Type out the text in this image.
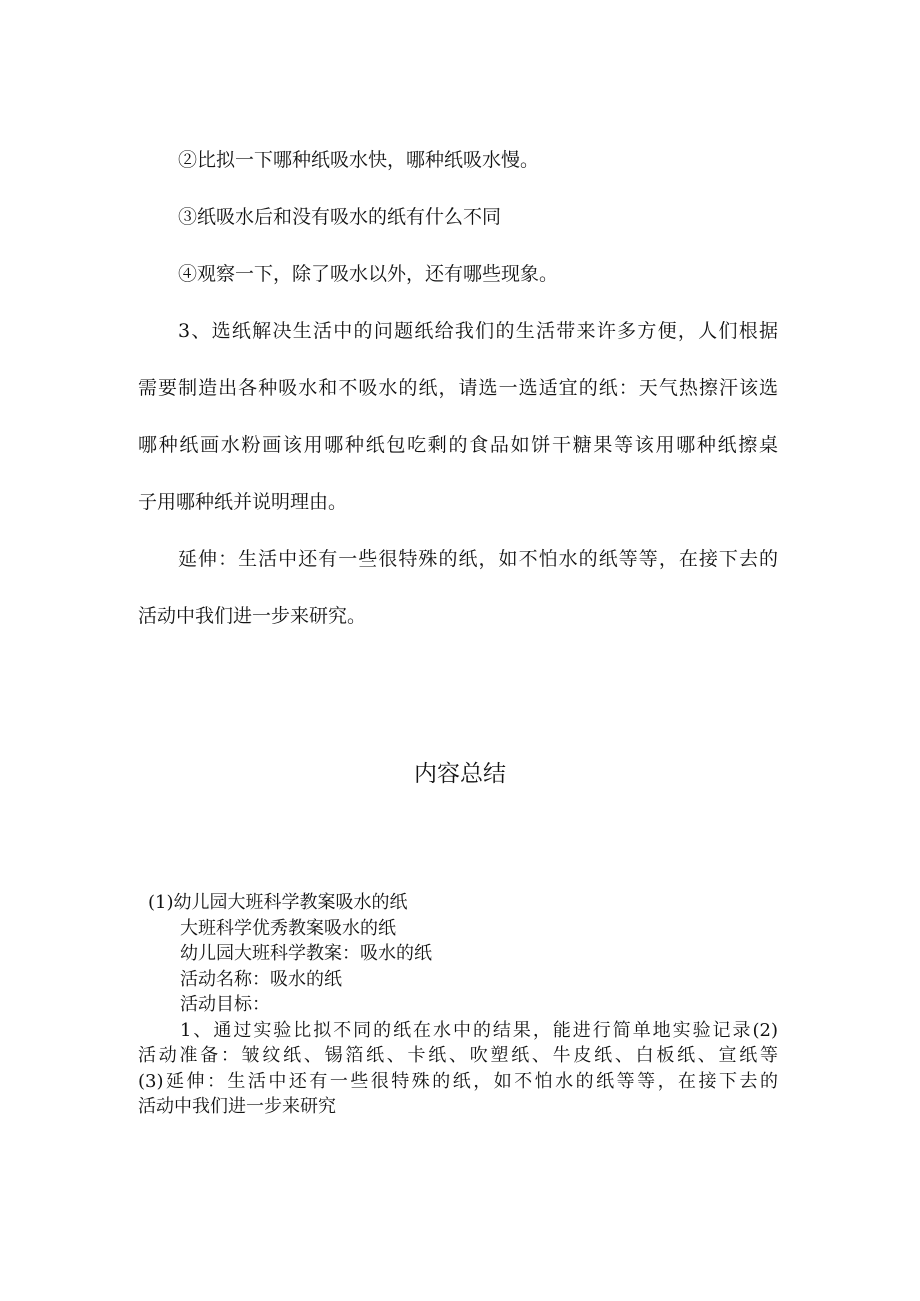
②比拟一下哪种纸吸水快，哪种纸吸水慢。

③纸吸水后和没有吸水的纸有什么不同

④观察一下，除了吸水以外，还有哪些现象。

3、选纸解决生活中的问题纸给我们的生活带来许多方便，人们根据

需要制造出各种吸水和不吸水的纸，请选一选适宜的纸：天气热擦汗该选

哪种纸画水粉画该用哪种纸包吃剩的食品如饼干糖果等该用哪种纸擦桌

子用哪种纸并说明理由。

延伸：生活中还有一些很特殊的纸，如不怕水的纸等等，在接下去的

活动中我们进一步来研究。

内容总结

(1)幼儿园大班科学教案吸水的纸

大班科学优秀教案吸水的纸

幼儿园大班科学教案：吸水的纸

活动名称：吸水的纸

活动目标：

1、通过实验比拟不同的纸在水中的结果，能进行简单地实验记录(2)

活动准备：皱纹纸、锡箔纸、卡纸、吹塑纸、牛皮纸、白板纸、宣纸等

(3)延伸：生活中还有一些很特殊的纸，如不怕水的纸等等，在接下去的

活动中我们进一步来研究
